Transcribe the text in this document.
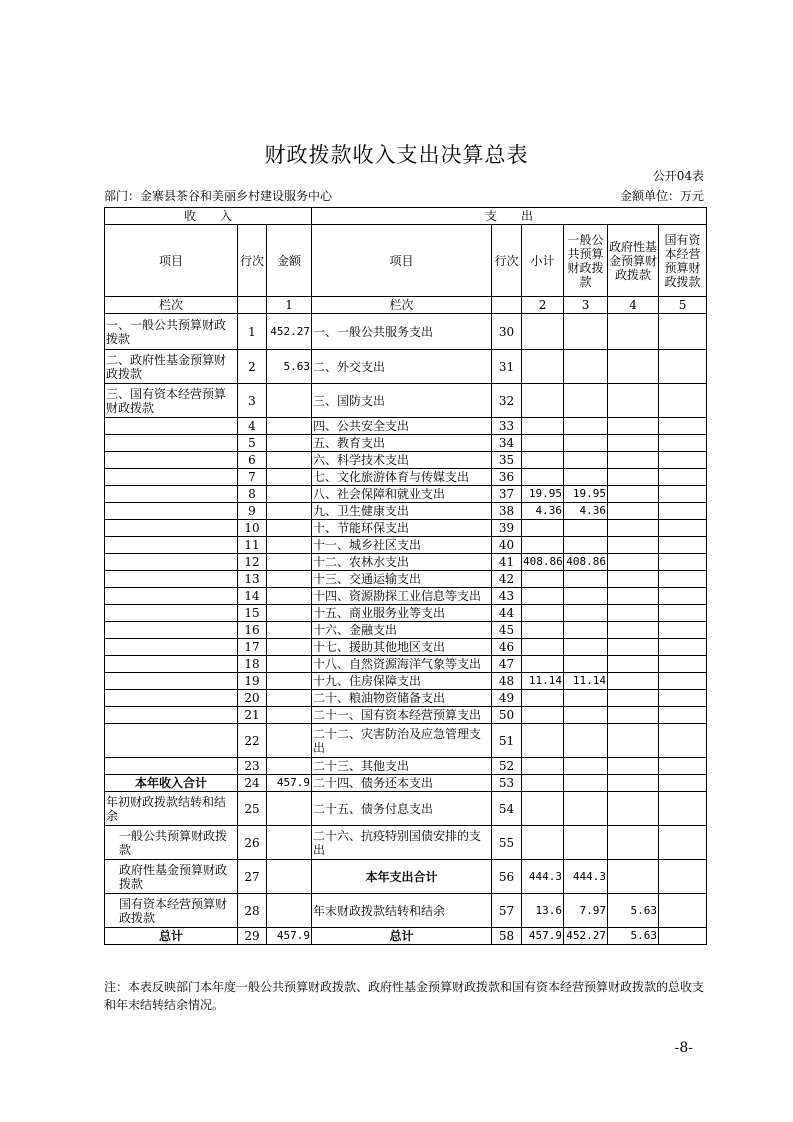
财政拨款收入支出决算总表
公开04表
部门：金寨县茶谷和美丽乡村建设服务中心	金额单位：万元
收　　入			支　　出					
项目	行次	金额	项目	行次	小计	一般公共预算财政拨款	政府性基金预算财政拨款	国有资本经营预算财政拨款
栏次		1	栏次		2	3	4	5
一、一般公共预算财政拨款	1	452.27	一、一般公共服务支出	30				
二、政府性基金预算财政拨款	2	5.63	二、外交支出	31				
三、国有资本经营预算财政拨款	3		三、国防支出	32				
	4		四、公共安全支出	33				
	5		五、教育支出	34				
	6		六、科学技术支出	35				
	7		七、文化旅游体育与传媒支出	36				
	8		八、社会保障和就业支出	37	19.95	19.95		
	9		九、卫生健康支出	38	4.36	4.36		
	10		十、节能环保支出	39				
	11		十一、城乡社区支出	40				
	12		十二、农林水支出	41	408.86	408.86		
	13		十三、交通运输支出	42				
	14		十四、资源勘探工业信息等支出	43				
	15		十五、商业服务业等支出	44				
	16		十六、金融支出	45				
	17		十七、援助其他地区支出	46				
	18		十八、自然资源海洋气象等支出	47				
	19		十九、住房保障支出	48	11.14	11.14		
	20		二十、粮油物资储备支出	49				
	21		二十一、国有资本经营预算支出	50				
	22		二十二、灾害防治及应急管理支出	51				
	23		二十三、其他支出	52				
本年收入合计	24	457.9	二十四、债务还本支出	53				
年初财政拨款结转和结余	25		二十五、债务付息支出	54				
一般公共预算财政拨款	26		二十六、抗疫特别国债安排的支出	55				
政府性基金预算财政拨款	27		本年支出合计	56	444.3	444.3		
国有资本经营预算财政拨款	28		年末财政拨款结转和结余	57	13.6	7.97	5.63	
总计	29	457.9	总计	58	457.9	452.27	5.63	
注：本表反映部门本年度一般公共预算财政拨款、政府性基金预算财政拨款和国有资本经营预算财政拨款的总收支和年末结转结余情况。
-8-
